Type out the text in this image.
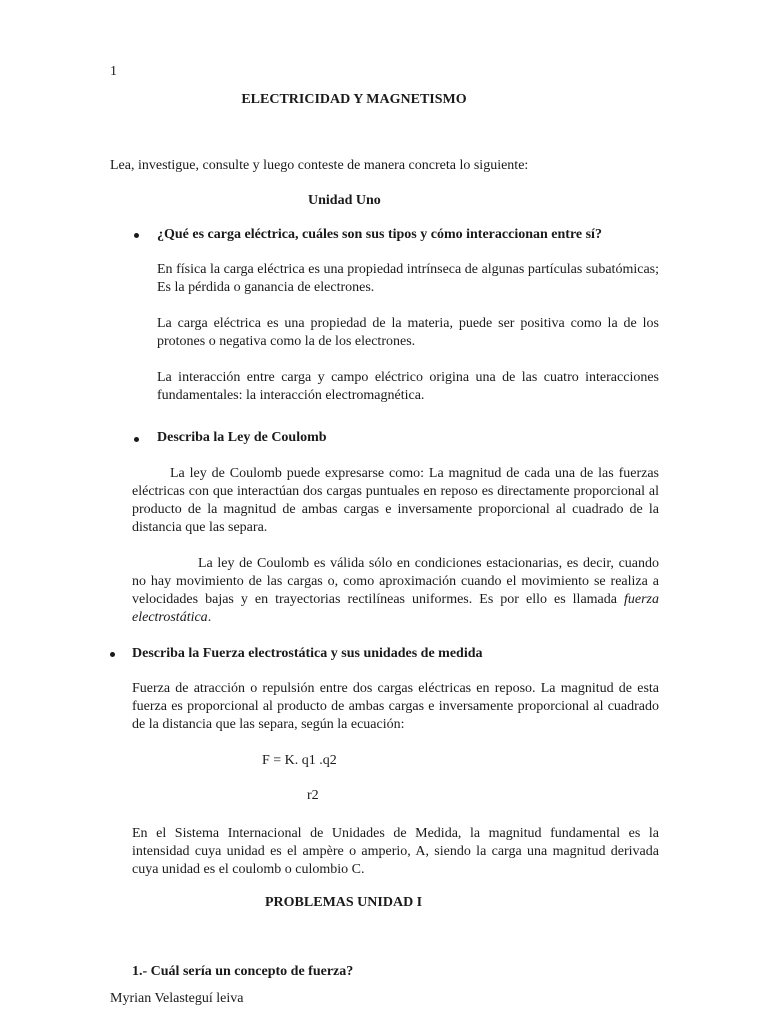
1
ELECTRICIDAD Y MAGNETISMO
Lea, investigue, consulte y luego conteste de manera concreta lo siguiente:
Unidad Uno
¿Qué es carga eléctrica, cuáles son sus tipos y cómo interaccionan entre sí?

En física la carga eléctrica es una propiedad intrínseca de algunas partículas subatómicas; Es la pérdida o ganancia de electrones.

La carga eléctrica es una propiedad de la materia, puede ser positiva como la de los protones o negativa como la de los electrones.

La interacción entre carga y campo eléctrico origina una de las cuatro interacciones fundamentales: la interacción electromagnética.

Describa la Ley de Coulomb

La ley de Coulomb puede expresarse como: La magnitud de cada una de las fuerzas eléctricas con que interactúan dos cargas puntuales en reposo es directamente proporcional al producto de la magnitud de ambas cargas e inversamente proporcional al cuadrado de la distancia que las separa.

La ley de Coulomb es válida sólo en condiciones estacionarias, es decir, cuando no hay movimiento de las cargas o, como aproximación cuando el movimiento se realiza a velocidades bajas y en trayectorias rectilíneas uniformes. Es por ello es llamada fuerza electrostática.

Describa la Fuerza electrostática y sus unidades de medida

Fuerza de atracción o repulsión entre dos cargas eléctricas en reposo. La magnitud de esta fuerza es proporcional al producto de ambas cargas e inversamente proporcional al cuadrado de la distancia que las separa, según la ecuación:

F = K. q1 .q2
r2

En el Sistema Internacional de Unidades de Medida, la magnitud fundamental es la intensidad cuya unidad es el ampère o amperio, A, siendo la carga una magnitud derivada cuya unidad es el coulomb o culombio C.

PROBLEMAS UNIDAD I
1.- Cuál sería un concepto de fuerza?
Myrian Velasteguí leiva
